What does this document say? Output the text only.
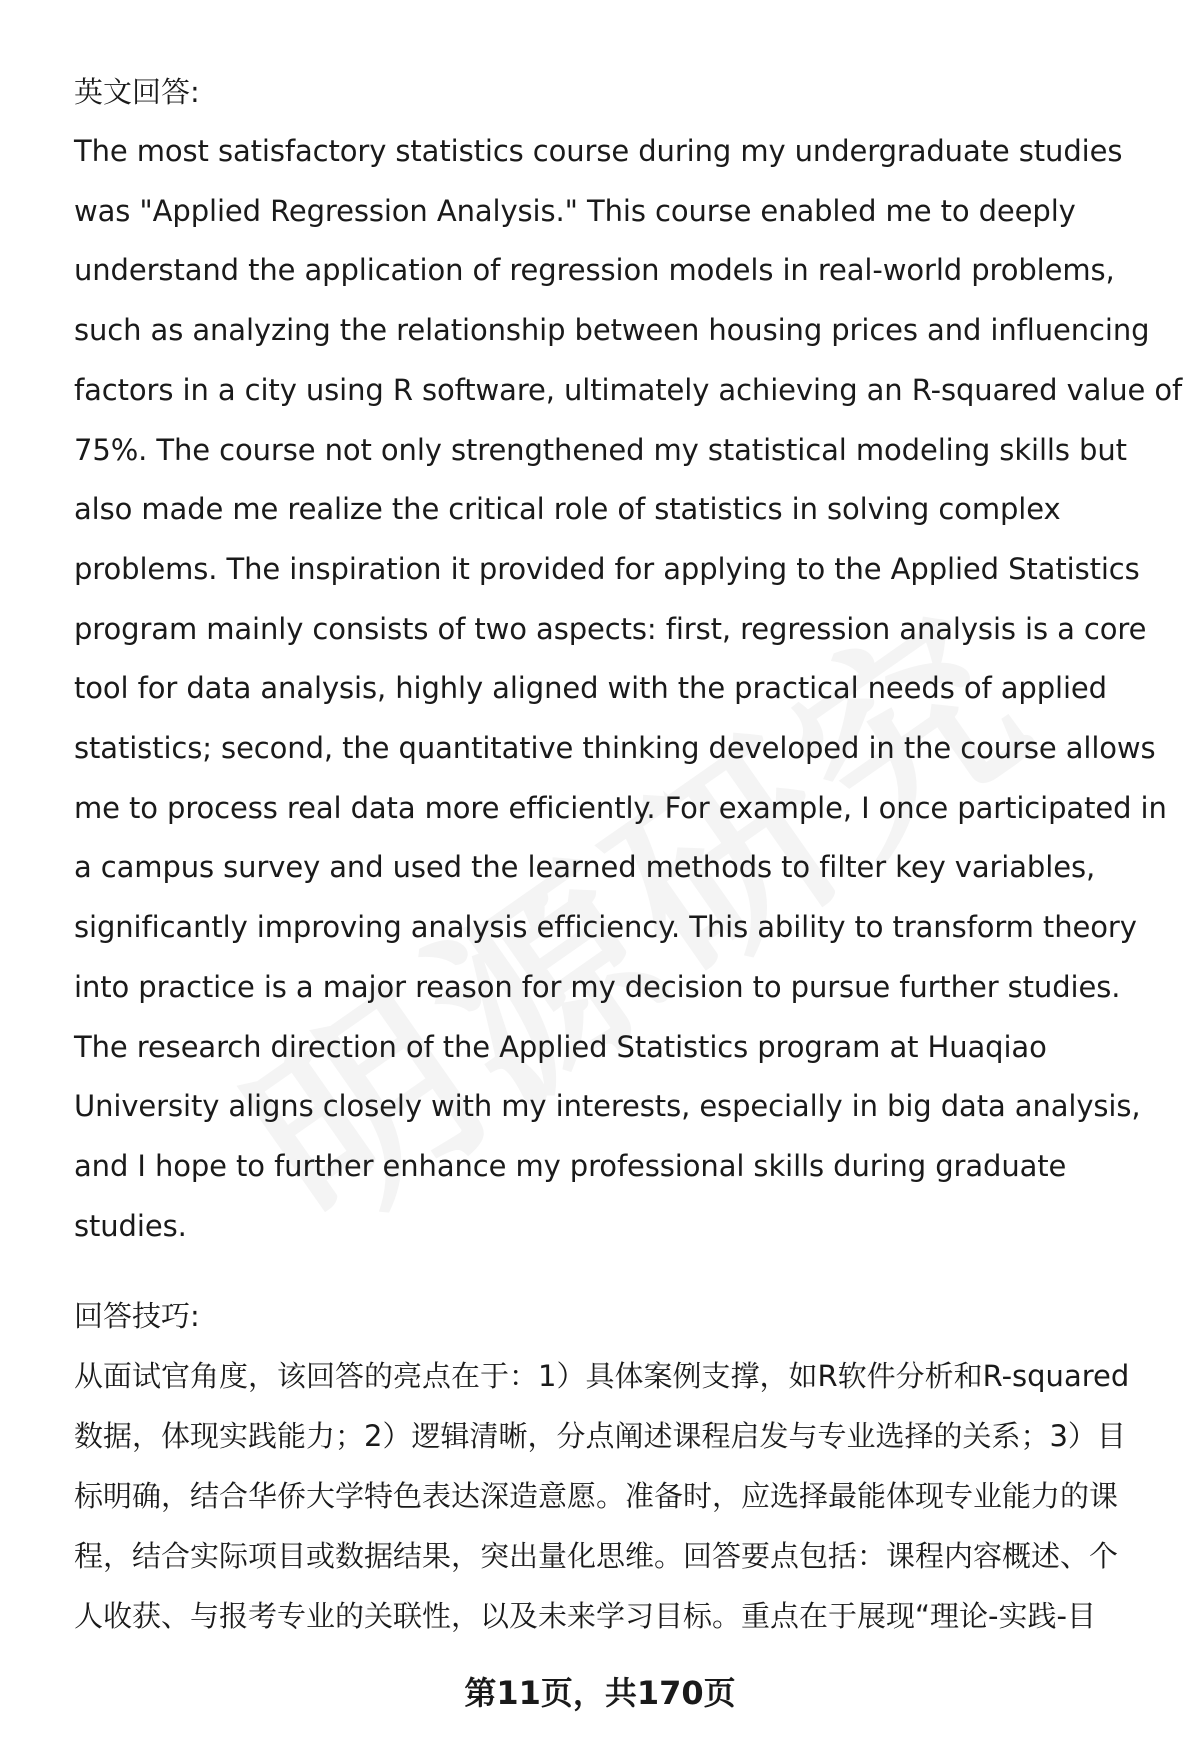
英文回答:

The most satisfactory statistics course during my undergraduate studies
was "Applied Regression Analysis." This course enabled me to deeply
understand the application of regression models in real-world problems,
such as analyzing the relationship between housing prices and influencing
factors in a city using R software, ultimately achieving an R-squared value of
75%. The course not only strengthened my statistical modeling skills but
also made me realize the critical role of statistics in solving complex
problems. The inspiration it provided for applying to the Applied Statistics
program mainly consists of two aspects: first, regression analysis is a core
tool for data analysis, highly aligned with the practical needs of applied
statistics; second, the quantitative thinking developed in the course allows
me to process real data more efficiently. For example, I once participated in
a campus survey and used the learned methods to filter key variables,
significantly improving analysis efficiency. This ability to transform theory
into practice is a major reason for my decision to pursue further studies.
The research direction of the Applied Statistics program at Huaqiao
University aligns closely with my interests, especially in big data analysis,
and I hope to further enhance my professional skills during graduate
studies.

回答技巧:

从面试官角度，该回答的亮点在于：1）具体案例支撑，如R软件分析和R-squared
数据，体现实践能力；2）逻辑清晰，分点阐述课程启发与专业选择的关系；3）目
标明确，结合华侨大学特色表达深造意愿。准备时，应选择最能体现专业能力的课
程，结合实际项目或数据结果，突出量化思维。回答要点包括：课程内容概述、个
人收获、与报考专业的关联性，以及未来学习目标。重点在于展现“理论-实践-目

第11页，共170页
